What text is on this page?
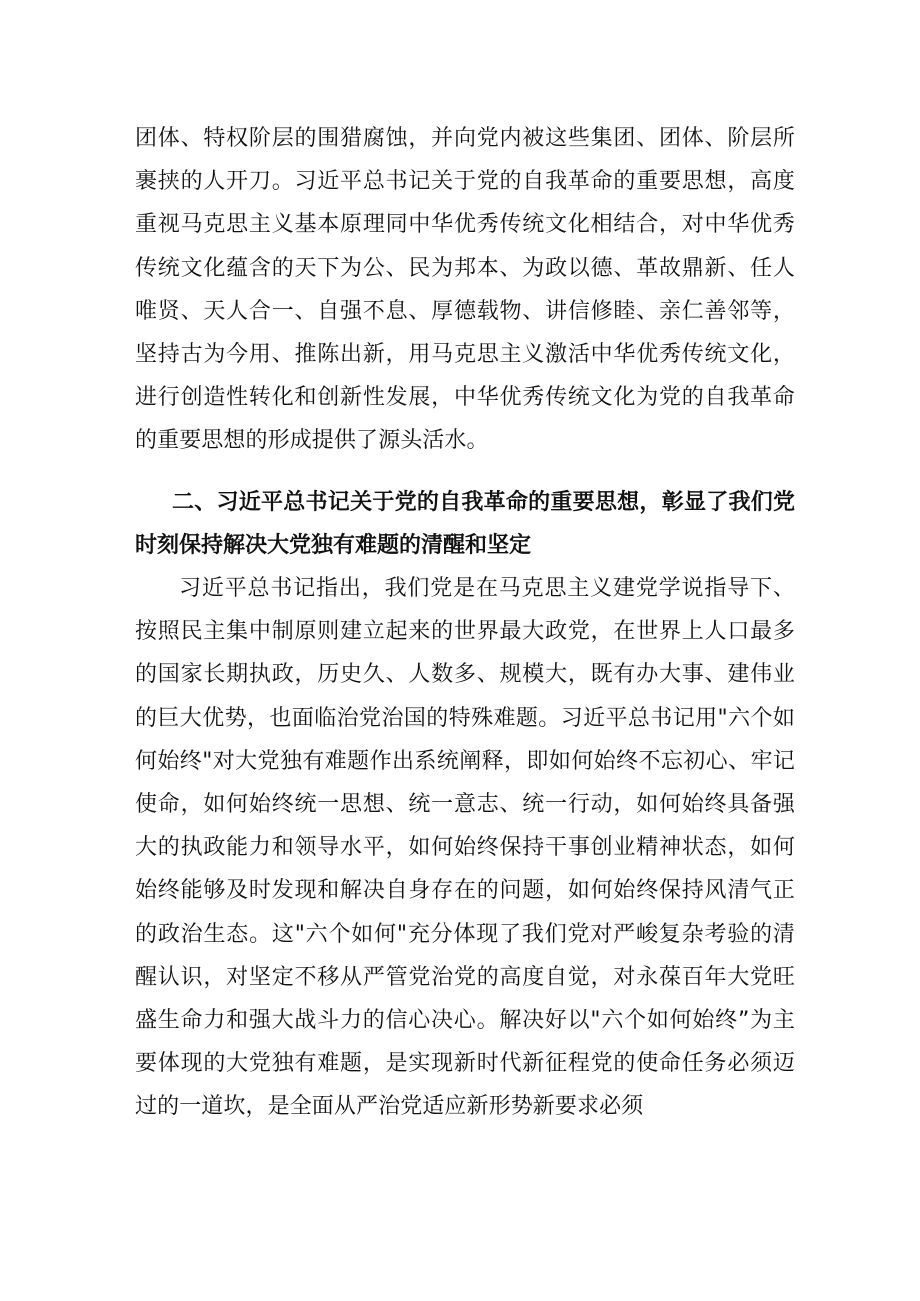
团体、特权阶层的围猎腐蚀，并向党内被这些集团、团体、阶层所裹挟的人开刀。习近平总书记关于党的自我革命的重要思想，高度重视马克思主义基本原理同中华优秀传统文化相结合，对中华优秀传统文化蕴含的天下为公、民为邦本、为政以德、革故鼎新、任人唯贤、天人合一、自强不息、厚德载物、讲信修睦、亲仁善邻等，坚持古为今用、推陈出新，用马克思主义激活中华优秀传统文化，进行创造性转化和创新性发展，中华优秀传统文化为党的自我革命的重要思想的形成提供了源头活水。

二、习近平总书记关于党的自我革命的重要思想，彰显了我们党时刻保持解决大党独有难题的清醒和坚定

习近平总书记指出，我们党是在马克思主义建党学说指导下、按照民主集中制原则建立起来的世界最大政党，在世界上人口最多的国家长期执政，历史久、人数多、规模大，既有办大事、建伟业的巨大优势，也面临治党治国的特殊难题。习近平总书记用"六个如何始终"对大党独有难题作出系统阐释，即如何始终不忘初心、牢记使命，如何始终统一思想、统一意志、统一行动，如何始终具备强大的执政能力和领导水平，如何始终保持干事创业精神状态，如何始终能够及时发现和解决自身存在的问题，如何始终保持风清气正的政治生态。这"六个如何"充分体现了我们党对严峻复杂考验的清醒认识，对坚定不移从严管党治党的高度自觉，对永葆百年大党旺盛生命力和强大战斗力的信心决心。解决好以"六个如何始终”为主要体现的大党独有难题，是实现新时代新征程党的使命任务必须迈过的一道坎，是全面从严治党适应新形势新要求必须
